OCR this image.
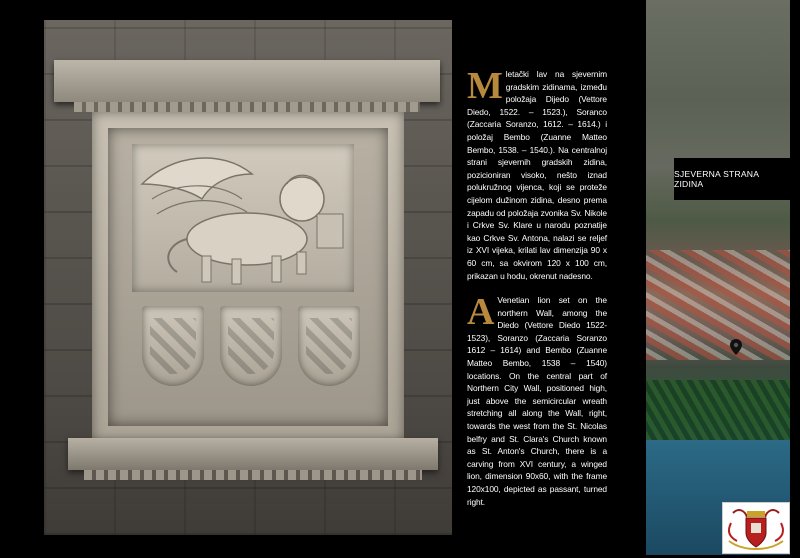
Mletački lav na sjevernim gradskim zidinama, između položaja Dijedo (Vettore Diedo, 1522. – 1523.), Soranco (Zaccaria Soranzo, 1612. – 1614.) i položaj Bembo (Zuanne Matteo Bembo, 1538. – 1540.). Na centralnoj strani sjevernih gradskih zidina, pozicioniran visoko, nešto iznad polukružnog vijenca, koji se proteže cijelom dužinom zidina, desno prema zapadu od položaja zvonika Sv. Nikole i Crkve Sv. Klare u narodu poznatije kao Crkve Sv. Antona, nalazi se reljef iz XVI vijeka, krilati lav dimenzija 90 x 60 cm, sa okvirom 120 x 100 cm, prikazan u hodu, okrenut nadesno.
A Venetian lion set on the northern Wall, among the Diedo (Vettore Diedo 1522-1523), Soranzo (Zaccaria Soranzo 1612 – 1614) and Bembo (Zuanne Matteo Bembo, 1538 – 1540) locations. On the central part of Northern City Wall, positioned high, just above the semicircular wreath stretching all along the Wall, right, towards the west from the St. Nicolas belfry and St. Clara's Church known as St. Anton's Church, there is a carving from XVI century, a winged lion, dimension 90x60, with the frame 120x100, depicted as passant, turned right.
SJEVERNA STRANA ZIDINA
